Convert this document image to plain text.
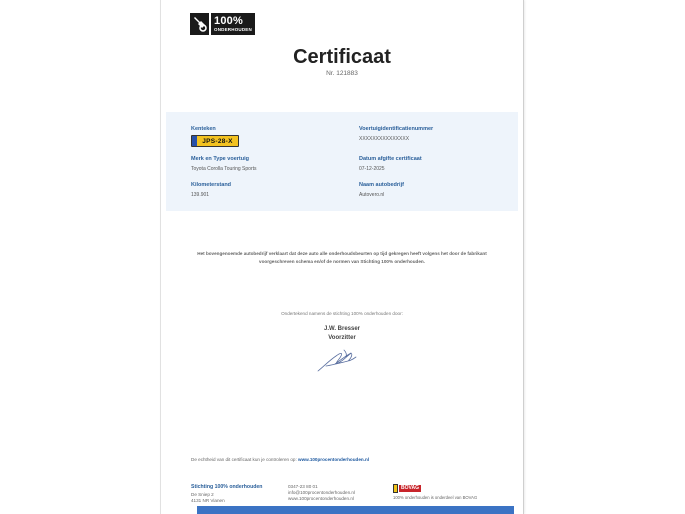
100%
ONDERHOUDEN
Certificaat
Nr. 121883
Kenteken
JPS-28-X
Voertuigidentificatienummer
XXXXXXXXXXXXXXX
Merk en Type voertuig
Toyota Corolla Touring Sports
Datum afgifte certificaat
07-12-2025
Kilometerstand
139.901
Naam autobedrijf
Autovero.nl
Het bovengenoemde autobedrijf verklaart dat deze auto alle onderhoudsbeurten op tijd gekregen heeft volgens het door de fabrikant
voorgeschreven schema en/of de normen van Stichting 100% onderhouden.
Ondertekend namens de stichting 100% onderhouden door:
J.W. Bresser
Voorzitter
De echtheid van dit certificaat kun je controleren op: www.100procentonderhouden.nl
Stichting 100% onderhouden
De Sniep 2
4131 NR Vianen
0347-23 80 01
info@100procentonderhouden.nl
www.100procentonderhouden.nl
BOVAG
100% onderhouden is onderdeel van BOVAG
